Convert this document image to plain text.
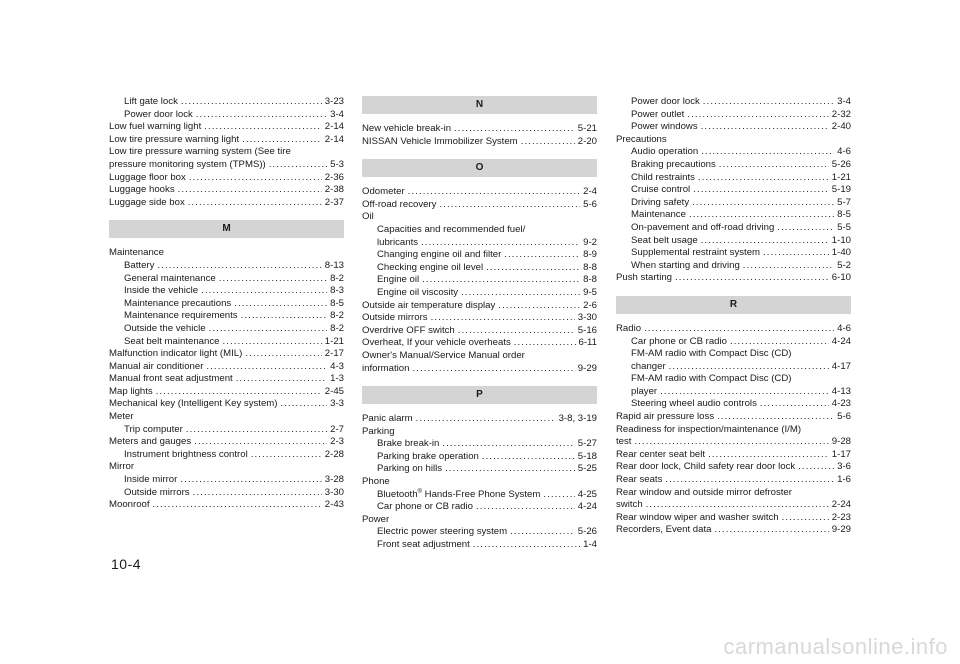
Lift gate lock .....	3-23
Power door lock .....	3-4
Low fuel warning light .....	2-14
Low tire pressure warning light .....	2-14
Low tire pressure warning system (See tire
pressure monitoring system (TPMS)) .....	5-3
Luggage floor box .....	2-36
Luggage hooks .....	2-38
Luggage side box .....	2-37
M
Maintenance
Battery .....	8-13
General maintenance .....	8-2
Inside the vehicle .....	8-3
Maintenance precautions .....	8-5
Maintenance requirements .....	8-2
Outside the vehicle .....	8-2
Seat belt maintenance .....	1-21
Malfunction indicator light (MIL) .....	2-17
Manual air conditioner .....	4-3
Manual front seat adjustment .....	1-3
Map lights .....	2-45
Mechanical key (Intelligent Key system) .....	3-3
Meter
Trip computer .....	2-7
Meters and gauges .....	2-3
Instrument brightness control .....	2-28
Mirror
Inside mirror .....	3-28
Outside mirrors .....	3-30
Moonroof .....	2-43
N
New vehicle break-in .....	5-21
NISSAN Vehicle Immobilizer System .....	2-20
O
Odometer .....	2-4
Off-road recovery .....	5-6
Oil
Capacities and recommended fuel/
lubricants .....	9-2
Changing engine oil and filter .....	8-9
Checking engine oil level .....	8-8
Engine oil .....	8-8
Engine oil viscosity .....	9-5
Outside air temperature display .....	2-6
Outside mirrors .....	3-30
Overdrive OFF switch .....	5-16
Overheat, If your vehicle overheats .....	6-11
Owner's Manual/Service Manual order
information .....	9-29
P
Panic alarm .....	3-8, 3-19
Parking
Brake break-in .....	5-27
Parking brake operation .....	5-18
Parking on hills .....	5-25
Phone
Bluetooth® Hands-Free Phone System .....	4-25
Car phone or CB radio .....	4-24
Power
Electric power steering system .....	5-26
Front seat adjustment .....	1-4
Power door lock .....	3-4
Power outlet .....	2-32
Power windows .....	2-40
Precautions
Audio operation .....	4-6
Braking precautions .....	5-26
Child restraints .....	1-21
Cruise control .....	5-19
Driving safety .....	5-7
Maintenance .....	8-5
On-pavement and off-road driving .....	5-5
Seat belt usage .....	1-10
Supplemental restraint system .....	1-40
When starting and driving .....	5-2
Push starting .....	6-10
R
Radio .....	4-6
Car phone or CB radio .....	4-24
FM-AM radio with Compact Disc (CD)
changer .....	4-17
FM-AM radio with Compact Disc (CD)
player .....	4-13
Steering wheel audio controls .....	4-23
Rapid air pressure loss .....	5-6
Readiness for inspection/maintenance (I/M)
test .....	9-28
Rear center seat belt .....	1-17
Rear door lock, Child safety rear door lock .....	3-6
Rear seats .....	1-6
Rear window and outside mirror defroster
switch .....	2-24
Rear window wiper and washer switch .....	2-23
Recorders, Event data .....	9-29
10-4
carmanualsonline.info
